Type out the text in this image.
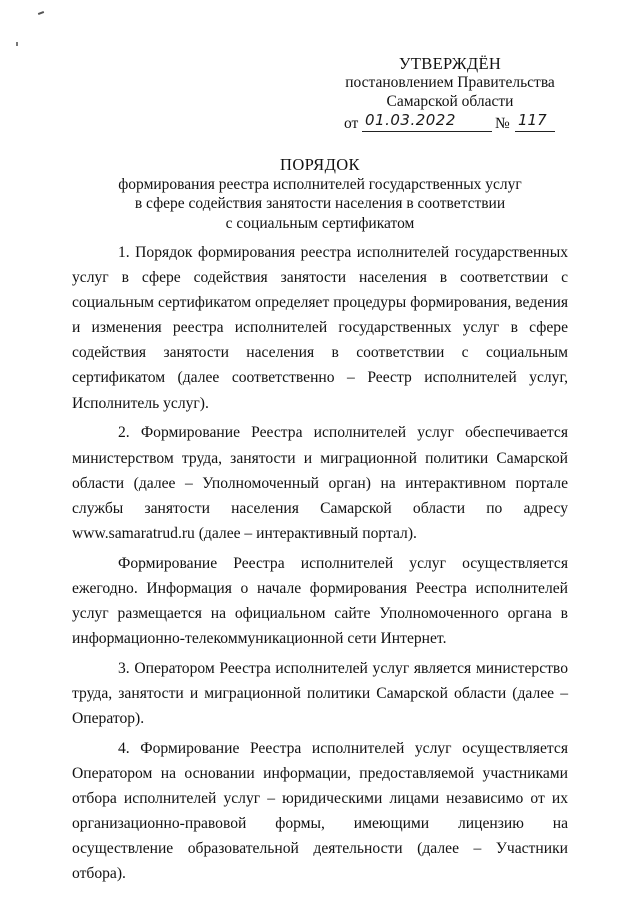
УТВЕРЖДЁН
постановлением Правительства
Самарской области
от 01.03.2022	№ 117
ПОРЯДОК
формирования реестра исполнителей государственных услуг
в сфере содействия занятости населения в соответствии
с социальным сертификатом

1. Порядок формирования реестра исполнителей государственных услуг в сфере содействия занятости населения в соответствии с социальным сертификатом определяет процедуры формирования, ведения и изменения реестра исполнителей государственных услуг в сфере содействия занятости населения в соответствии с социальным сертификатом (далее соответственно – Реестр исполнителей услуг, Исполнитель услуг).

2. Формирование Реестра исполнителей услуг обеспечивается министерством труда, занятости и миграционной политики Самарской области (далее – Уполномоченный орган) на интерактивном портале службы занятости населения Самарской области по адресу www.samaratrud.ru (далее – интерактивный портал).

Формирование Реестра исполнителей услуг осуществляется ежегодно. Информация о начале формирования Реестра исполнителей услуг размещается на официальном сайте Уполномоченного органа в информационно-телекоммуникационной сети Интернет.

3. Оператором Реестра исполнителей услуг является министерство труда, занятости и миграционной политики Самарской области (далее – Оператор).

4. Формирование Реестра исполнителей услуг осуществляется Оператором на основании информации, предоставляемой участниками отбора исполнителей услуг – юридическими лицами независимо от их организационно-правовой формы, имеющими лицензию на осуществление образовательной деятельности (далее – Участники отбора).
